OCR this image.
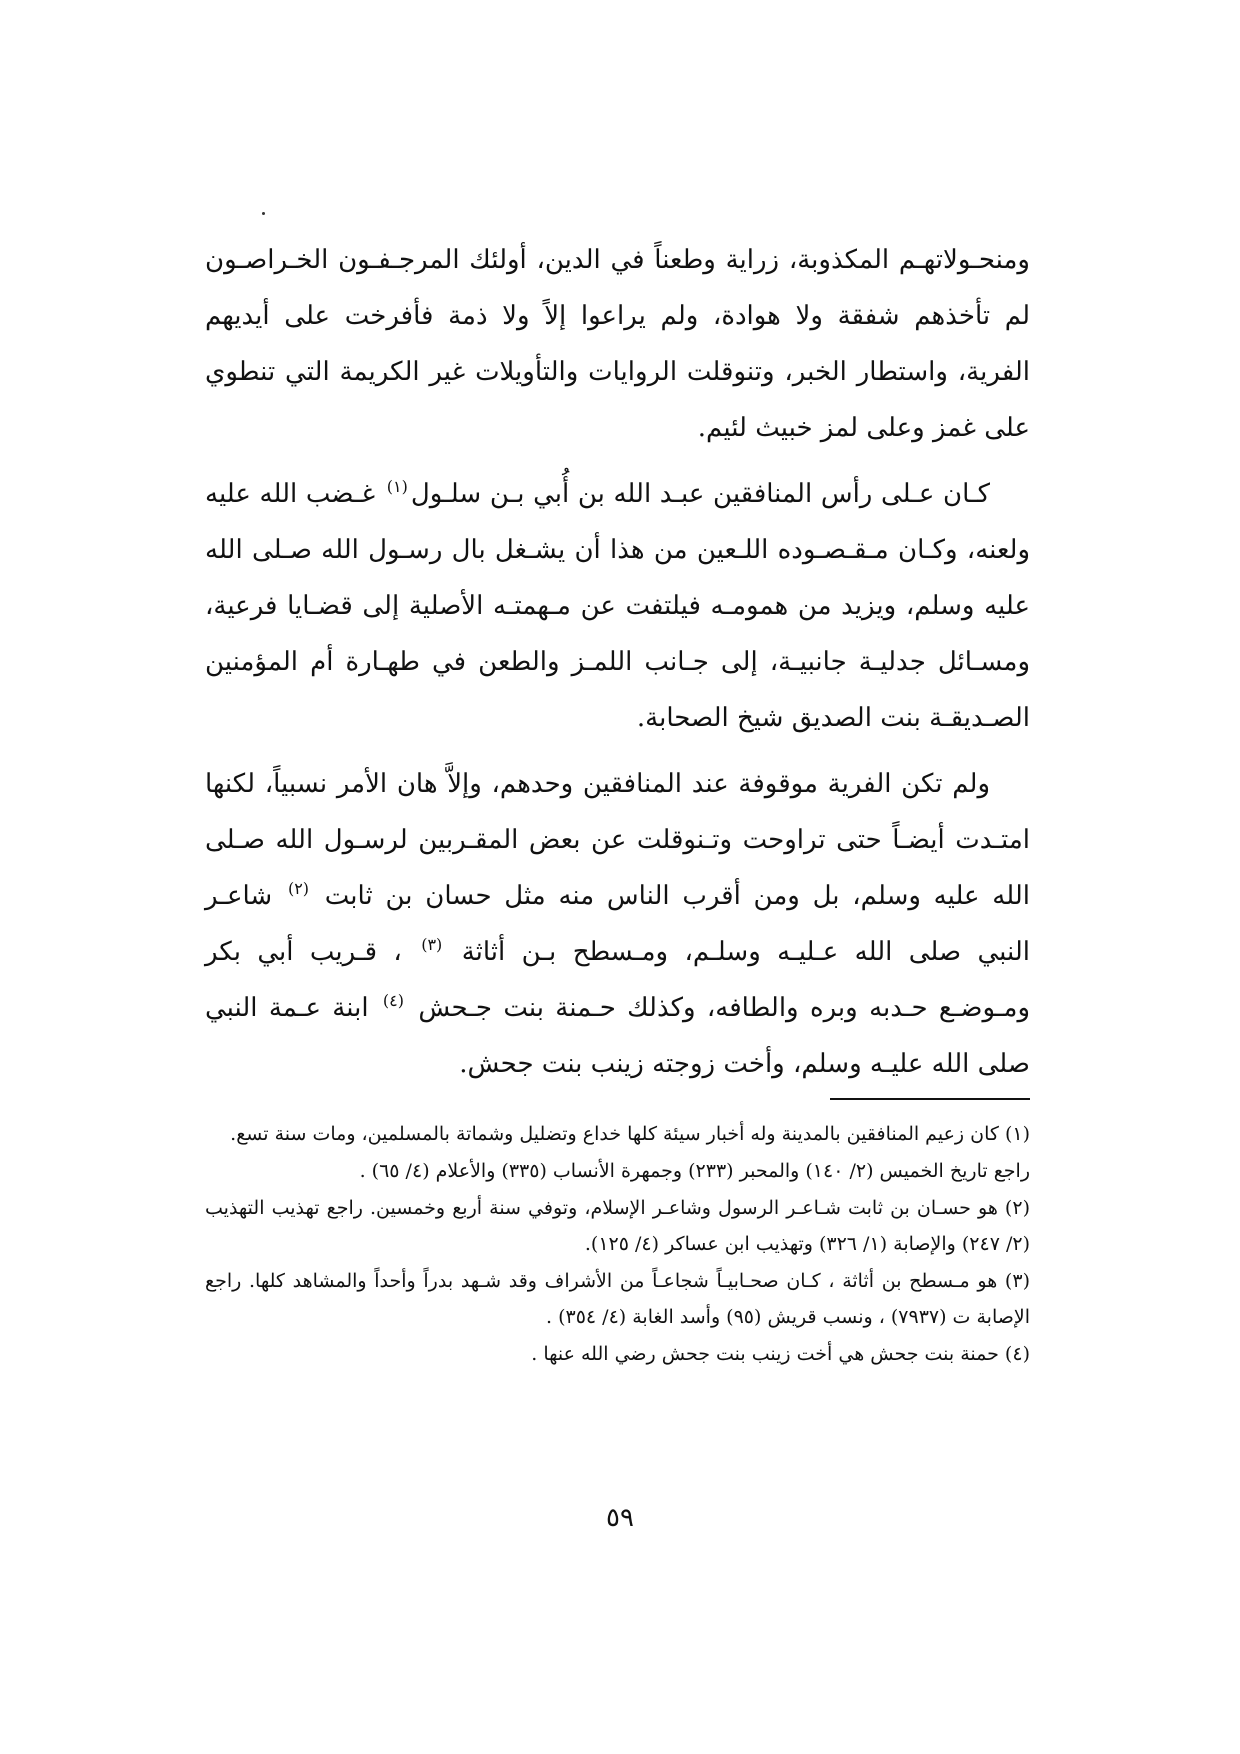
ومنحـولاتهـم المكذوبة، زراية وطعناً في الدين، أولئك المرجـفـون الخـراصـون لم تأخذهم شفقة ولا هوادة، ولم يراعوا إلاً ولا ذمة فأفرخت على أيديهم الفرية، واستطار الخبر، وتنوقلت الروايات والتأويلات غير الكريمة التي تنطوي على غمز وعلى لمز خبيث لئيم.

كـان عـلى رأس المنافقين عبـد الله بن أُبي بـن سلـول$^{(١)}$ غـضب الله عليه ولعنه، وكـان مـقـصـوده اللـعين من هذا أن يشـغل بال رسـول الله صـلى الله عليه وسلم، ويزيد من همومـه فيلتفت عن مـهمتـه الأصلية إلى قضـايا فرعية، ومسـائل جدليـة جانبيـة، إلى جـانب اللمـز والطعن في طهـارة أم المؤمنين الصـديقـة بنت الصديق شيخ الصحابة.

ولم تكن الفرية موقوفة عند المنافقين وحدهم، وإلاَّ هان الأمر نسبياً، لكنها امتـدت أيضـاً حتى تراوحت وتـنوقلت عن بعض المقـربين لرسـول الله صـلى الله عليه وسلم، بل ومن أقرب الناس منه مثل حسان بن ثابت $^{(٢)}$ شاعـر النبي صلى الله عـليـه وسلـم، ومـسطح بـن أثاثة $^{(٣)}$ ، قـريب أبي بكر ومـوضـع حـدبه وبره والطافه، وكذلك حـمنة بنت جـحش $^{(٤)}$ ابنة عـمة النبي صلى الله عليـه وسلم، وأخت زوجته زينب بنت جحش.

(١) كان زعيم المنافقين بالمدينة وله أخبار سيئة كلها خداع وتضليل وشماتة بالمسلمين، ومات سنة تسع.

راجع تاريخ الخميس (٢/ ١٤٠) والمحبر (٢٣٣) وجمهرة الأنساب (٣٣٥) والأعلام (٤/ ٦٥) .

(٢) هو حسـان بن ثابت شـاعـر الرسول وشاعـر الإسلام، وتوفي سنة أربع وخمسين. راجع تهذيب التهذيب (٢/ ٢٤٧) والإصابة (١/ ٣٢٦) وتهذيب ابن عساكر (٤/ ١٢٥).

(٣) هو مـسطح بن أثاثة ، كـان صحـابيـاً شجاعـاً من الأشراف وقد شـهد بدراً وأحداً والمشاهد كلها. راجع الإصابة ت (٧٩٣٧) ، ونسب قريش (٩٥) وأسد الغابة (٤/ ٣٥٤) .

(٤) حمنة بنت جحش هي أخت زينب بنت جحش رضي الله عنها .

٥٩
